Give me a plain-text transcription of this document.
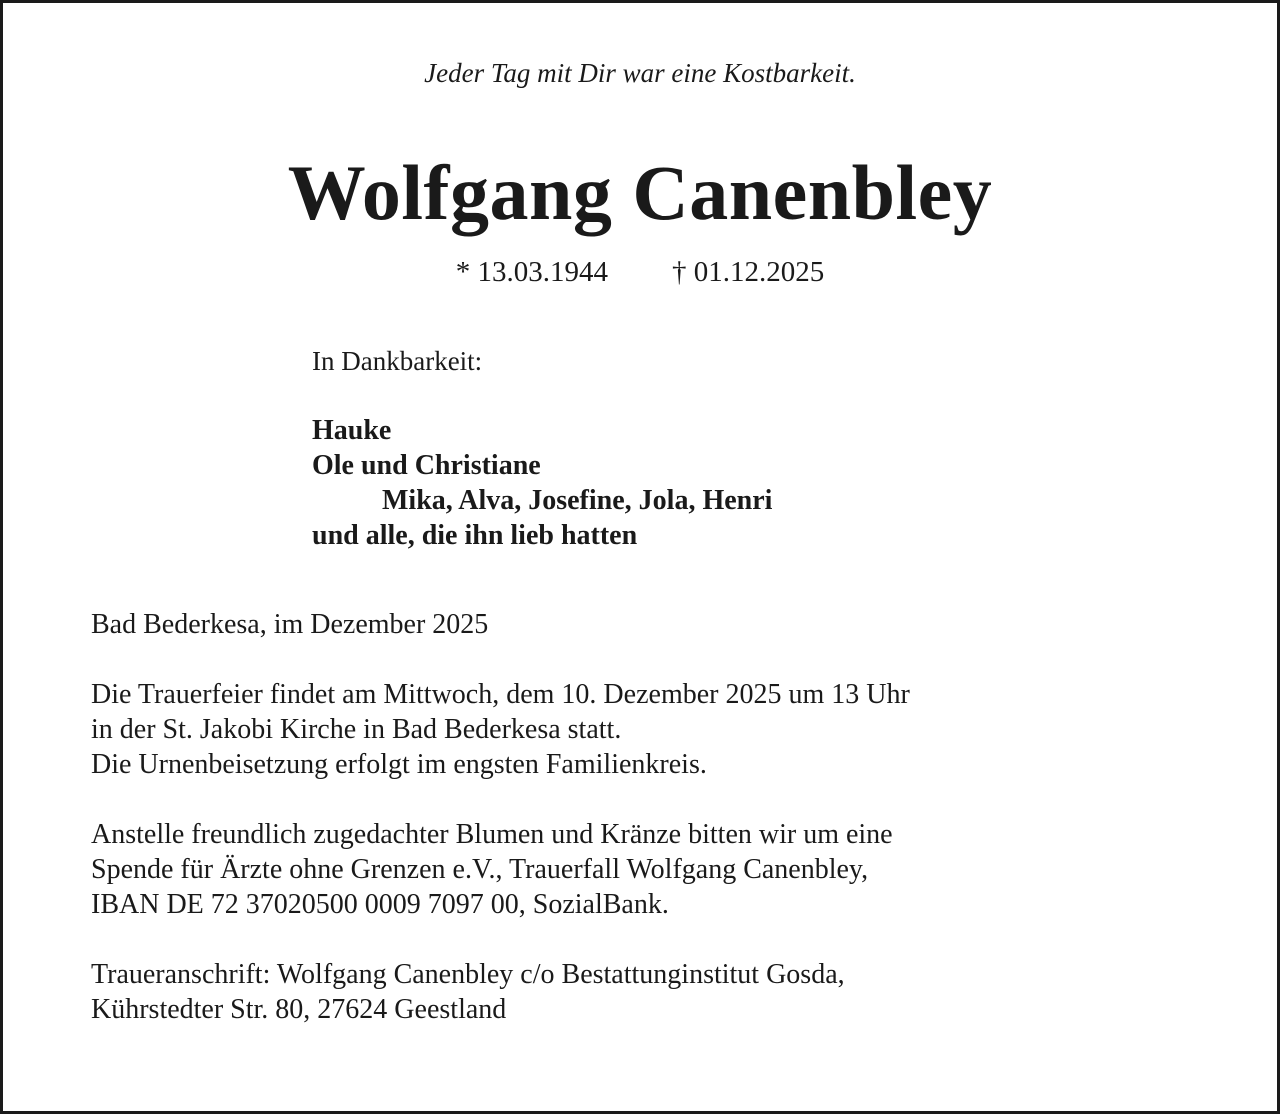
Jeder Tag mit Dir war eine Kostbarkeit.
Wolfgang Canenbley
* 13.03.1944 † 01.12.2025
In Dankbarkeit:
Hauke
Ole und Christiane
Mika, Alva, Josefine, Jola, Henri
und alle, die ihn lieb hatten
Bad Bederkesa, im Dezember 2025
Die Trauerfeier findet am Mittwoch, dem 10. Dezember 2025 um 13 Uhr
in der St. Jakobi Kirche in Bad Bederkesa statt.
Die Urnenbeisetzung erfolgt im engsten Familienkreis.
Anstelle freundlich zugedachter Blumen und Kränze bitten wir um eine
Spende für Ärzte ohne Grenzen e.V., Trauerfall Wolfgang Canenbley,
IBAN DE 72 37020500 0009 7097 00, SozialBank.
Traueranschrift: Wolfgang Canenbley c/o Bestattunginstitut Gosda,
Kührstedter Str. 80, 27624 Geestland
